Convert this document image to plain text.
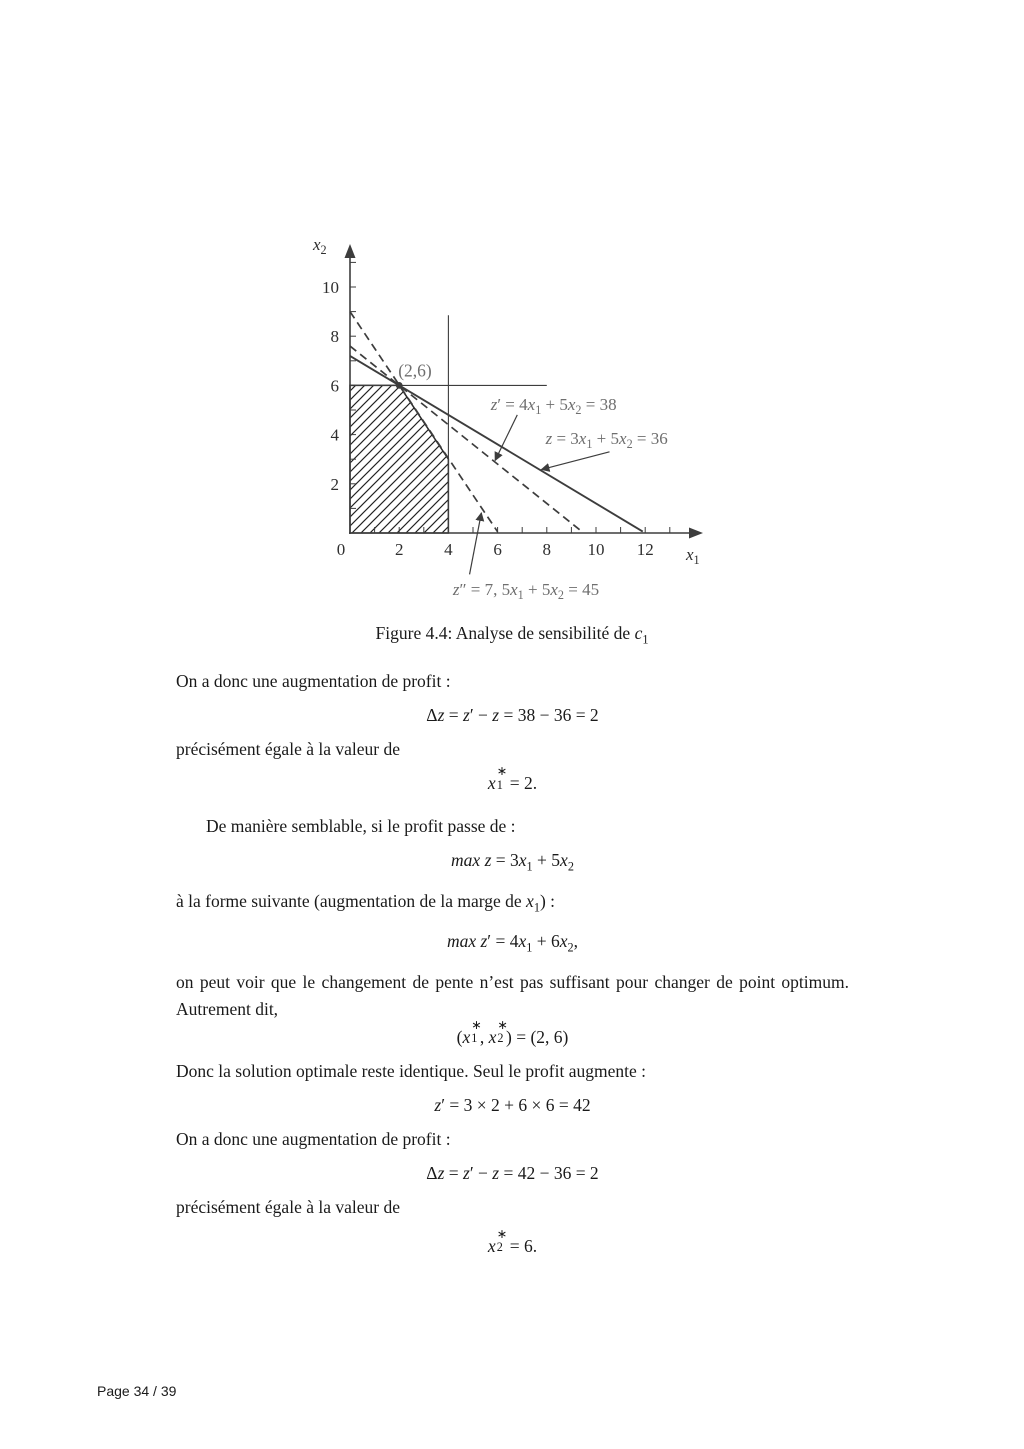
0	2 4 6 8 10 12
2
4
6
8
10
$x_1$
$x_2$
$z' = 4x_1 + 5x_2 = 38$
$z = 3x_1 + 5x_2 = 36$
z″ = 7, $5x_1 + 5x_2 = 45$
(2,6)
Figure 4.4: Analyse de sensibilité de $c_1$

On a donc une augmentation de profit :

Δz = z′ − z = 38 − 36 = 2

précisément égale à la valeur de

x
∗
1 = 2.

De manière semblable, si le profit passe de :

$\max z = 3x_1 + 5x_2$

à la forme suivante (augmentation de la marge de $x_1$) :

$\max z' = 4x_1 + 6x_2$,

on peut voir que le changement de pente n’est pas suffisant pour changer de point optimum. Autrement dit,

(x
∗
1 , x
∗
2 ) = (2, 6)

Donc la solution optimale reste identique. Seul le profit augmente :

z′ = 3 × 2 + 6 × 6 = 42

On a donc une augmentation de profit :

Δz = z′ − z = 42 − 36 = 2

précisément égale à la valeur de

x
∗
2 = 6.
Page 34 / 39
